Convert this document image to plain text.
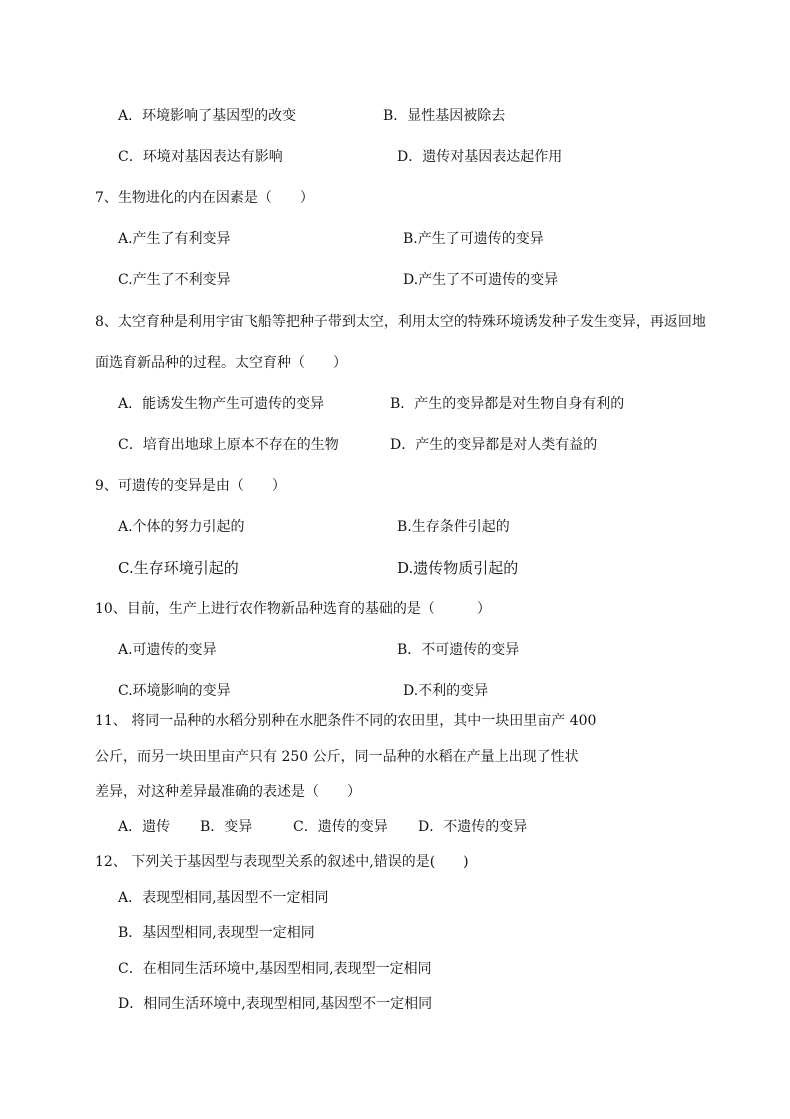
A．环境影响了基因型的改变	B．显性基因被除去
C．环境对基因表达有影响	D．遗传对基因表达起作用
7、生物进化的内在因素是（　　）
A.产生了有利变异	B.产生了可遗传的变异
C.产生了不利变异	D.产生了不可遗传的变异
8、太空育种是利用宇宙飞船等把种子带到太空，利用太空的特殊环境诱发种子发生变异，再返回地
面选育新品种的过程。太空育种（　　）
A．能诱发生物产生可遗传的变异	B．产生的变异都是对生物自身有利的
C．培育出地球上原本不存在的生物	D．产生的变异都是对人类有益的
9、可遗传的变异是由（　　）
A.个体的努力引起的	B.生存条件引起的
C.生存环境引起的	D.遗传物质引起的
10、目前，生产上进行农作物新品种选育的基础的是（　　　）
A.可遗传的变异	B．不可遗传的变异
C.环境影响的变异	D.不利的变异
11、 将同一品种的水稻分别种在水肥条件不同的农田里，其中一块田里亩产 400
公斤，而另一块田里亩产只有 250 公斤，同一品种的水稻在产量上出现了性状
差异，对这种差异最准确的表述是（　　）
A．遗传 B．变异	C．遗传的变异 D．不遗传的变异
12、 下列关于基因型与表现型关系的叙述中,错误的是(　　)
A．表现型相同,基因型不一定相同
B．基因型相同,表现型一定相同
C．在相同生活环境中,基因型相同,表现型一定相同
D．相同生活环境中,表现型相同,基因型不一定相同
